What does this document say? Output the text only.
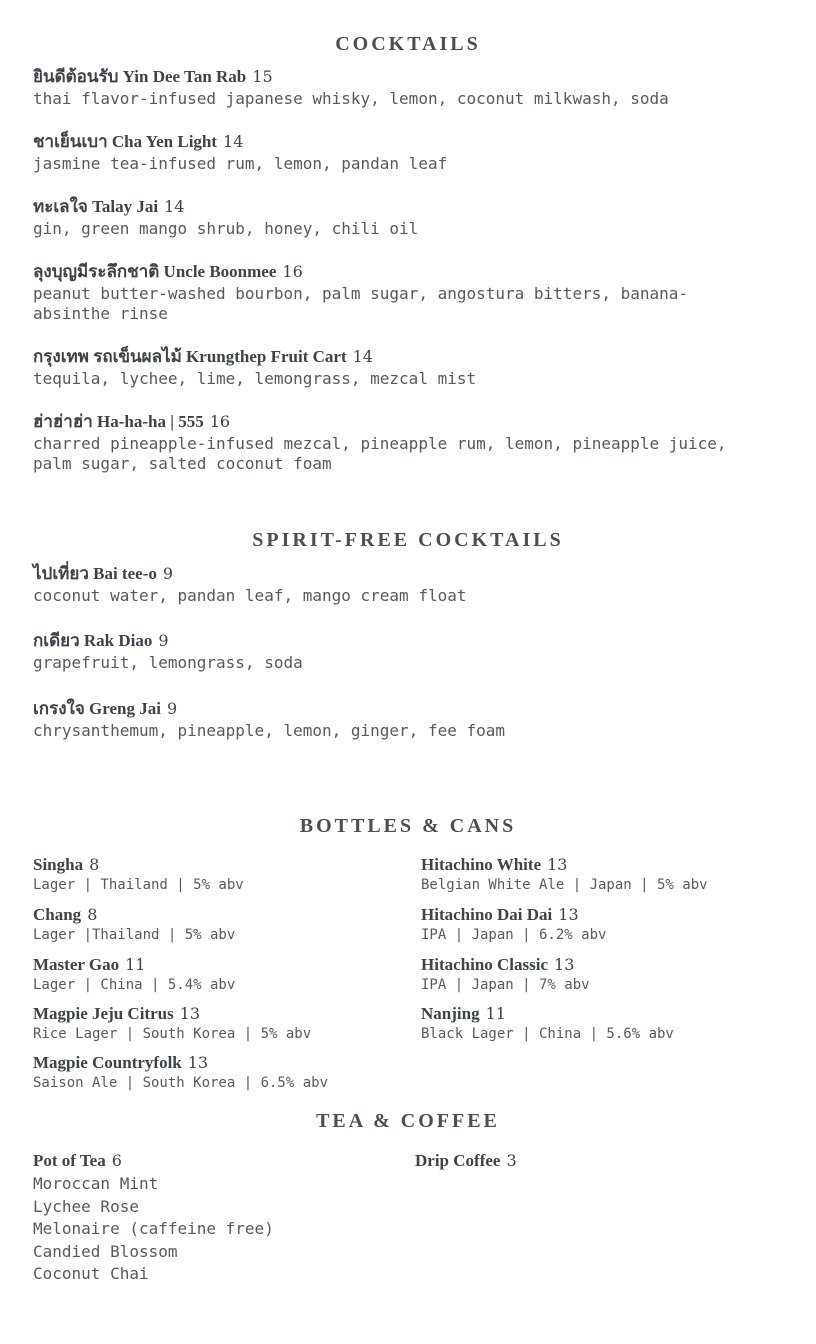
COCKTAILS
ยินดีต้อนรับ Yin Dee Tan Rab 15
thai flavor-infused japanese whisky, lemon, coconut milkwash, soda
ชาเย็นเบา Cha Yen Light 14
jasmine tea-infused rum, lemon, pandan leaf
ทะเลใจ Talay Jai 14
gin, green mango shrub, honey, chili oil
ลุงบุญมีระลึกชาติ Uncle Boonmee 16
peanut butter-washed bourbon, palm sugar, angostura bitters, banana-absinthe rinse
กรุงเทพ รถเข็นผลไม้ Krungthep Fruit Cart 14
tequila, lychee, lime, lemongrass, mezcal mist
ฮ่าฮ่าฮ่า Ha-ha-ha | 555 16
charred pineapple-infused mezcal, pineapple rum, lemon, pineapple juice, palm sugar, salted coconut foam
SPIRIT-FREE COCKTAILS
ไปเที่ยว Bai tee-o 9
coconut water, pandan leaf, mango cream float
กเดียว Rak Diao 9
grapefruit, lemongrass, soda
เกรงใจ Greng Jai 9
chrysanthemum, pineapple, lemon, ginger, fee foam
BOTTLES & CANS
Singha 8
Lager | Thailand | 5% abv
Chang 8
Lager |Thailand | 5% abv
Master Gao 11
Lager | China | 5.4% abv
Magpie Jeju Citrus 13
Rice Lager | South Korea | 5% abv
Magpie Countryfolk 13
Saison Ale | South Korea | 6.5% abv
Hitachino White 13
Belgian White Ale | Japan | 5% abv
Hitachino Dai Dai 13
IPA | Japan | 6.2% abv
Hitachino Classic 13
IPA | Japan | 7% abv
Nanjing 11
Black Lager | China | 5.6% abv
TEA & COFFEE
Pot of Tea 6	Drip Coffee 3
Moroccan Mint
Lychee Rose
Melonaire (caffeine free)
Candied Blossom
Coconut Chai
